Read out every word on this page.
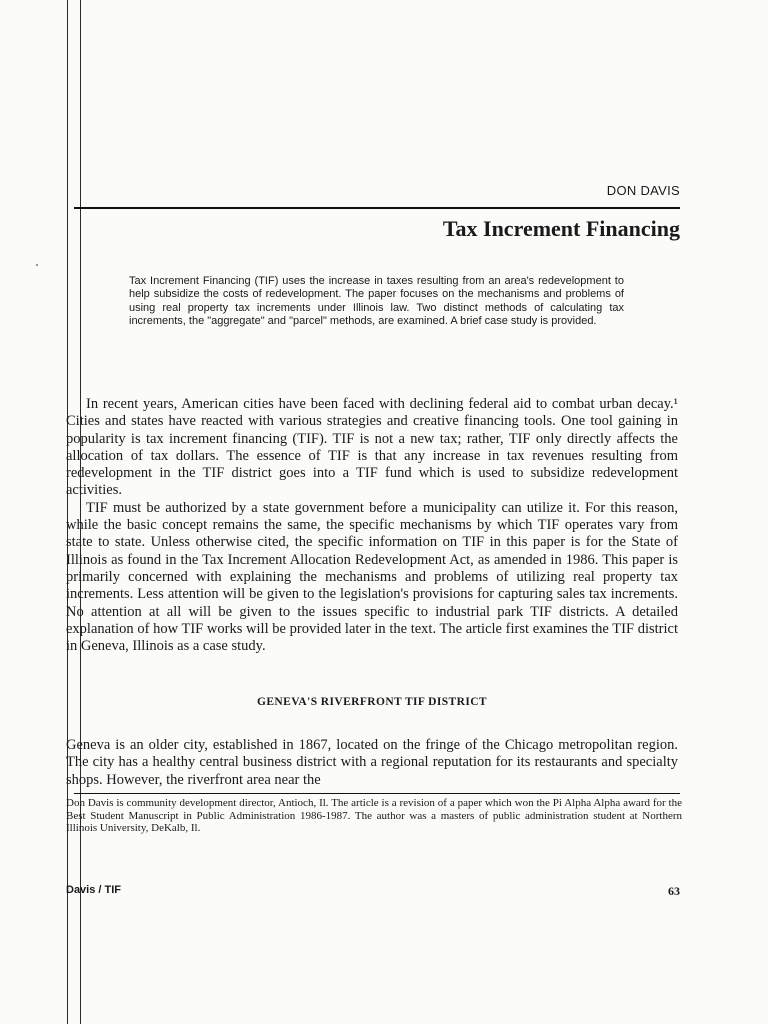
DON DAVIS
Tax Increment Financing
Tax Increment Financing (TIF) uses the increase in taxes resulting from an area's redevelopment to help subsidize the costs of redevelopment. The paper focuses on the mechanisms and problems of using real property tax increments under Illinois law. Two distinct methods of calculating tax increments, the "aggregate" and "parcel" methods, are examined. A brief case study is provided.

In recent years, American cities have been faced with declining federal aid to combat urban decay.¹ Cities and states have reacted with various strategies and creative financing tools. One tool gaining in popularity is tax increment financing (TIF). TIF is not a new tax; rather, TIF only directly affects the allocation of tax dollars. The essence of TIF is that any increase in tax revenues resulting from redevelopment in the TIF district goes into a TIF fund which is used to subsidize redevelopment activities.

TIF must be authorized by a state government before a municipality can utilize it. For this reason, while the basic concept remains the same, the specific mechanisms by which TIF operates vary from state to state. Unless otherwise cited, the specific information on TIF in this paper is for the State of Illinois as found in the Tax Increment Allocation Redevelopment Act, as amended in 1986. This paper is primarily concerned with explaining the mechanisms and problems of utilizing real property tax increments. Less attention will be given to the legislation's provisions for capturing sales tax increments. No attention at all will be given to the issues specific to industrial park TIF districts. A detailed explanation of how TIF works will be provided later in the text. The article first examines the TIF district in Geneva, Illinois as a case study.

GENEVA'S RIVERFRONT TIF DISTRICT

Geneva is an older city, established in 1867, located on the fringe of the Chicago metropolitan region. The city has a healthy central business district with a regional reputation for its restaurants and specialty shops. However, the riverfront area near the

Don Davis is community development director, Antioch, Il. The article is a revision of a paper which won the Pi Alpha Alpha award for the Best Student Manuscript in Public Administration 1986-1987. The author was a masters of public administration student at Northern Illinois University, DeKalb, Il.
Davis / TIF	63
